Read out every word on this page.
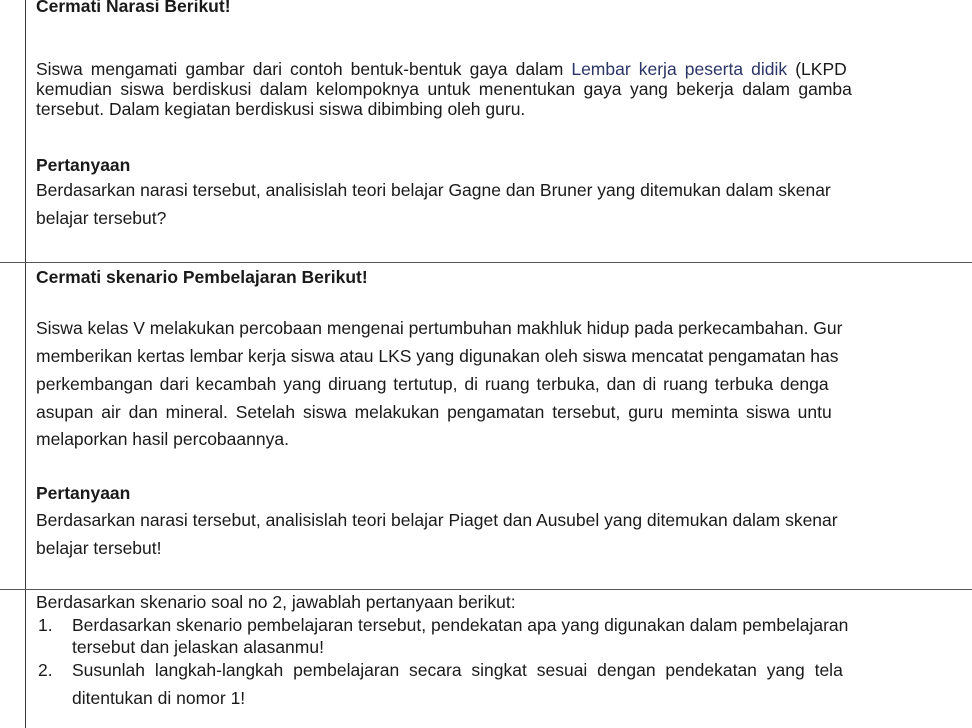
Cermati Narasi Berikut!
Siswa mengamati gambar dari contoh bentuk-bentuk gaya dalam Lembar kerja peserta didik (LKPD
kemudian siswa berdiskusi dalam kelompoknya untuk menentukan gaya yang bekerja dalam gamba
tersebut. Dalam kegiatan berdiskusi siswa dibimbing oleh guru.
Pertanyaan
Berdasarkan narasi tersebut, analisislah teori belajar Gagne dan Bruner yang ditemukan dalam skenar
belajar tersebut?
Cermati skenario Pembelajaran Berikut!
Siswa kelas V melakukan percobaan mengenai pertumbuhan makhluk hidup pada perkecambahan. Gur
memberikan kertas lembar kerja siswa atau LKS yang digunakan oleh siswa mencatat pengamatan has
perkembangan dari kecambah yang diruang tertutup, di ruang terbuka, dan di ruang terbuka denga
asupan air dan mineral. Setelah siswa melakukan pengamatan tersebut, guru meminta siswa untu
melaporkan hasil percobaannya.
Pertanyaan
Berdasarkan narasi tersebut, analisislah teori belajar Piaget dan Ausubel yang ditemukan dalam skenar
belajar tersebut!
Berdasarkan skenario soal no 2, jawablah pertanyaan berikut:
1. Berdasarkan skenario pembelajaran tersebut, pendekatan apa yang digunakan dalam pembelajaran
tersebut dan jelaskan alasanmu!
2. Susunlah langkah-langkah pembelajaran secara singkat sesuai dengan pendekatan yang tela
ditentukan di nomor 1!
